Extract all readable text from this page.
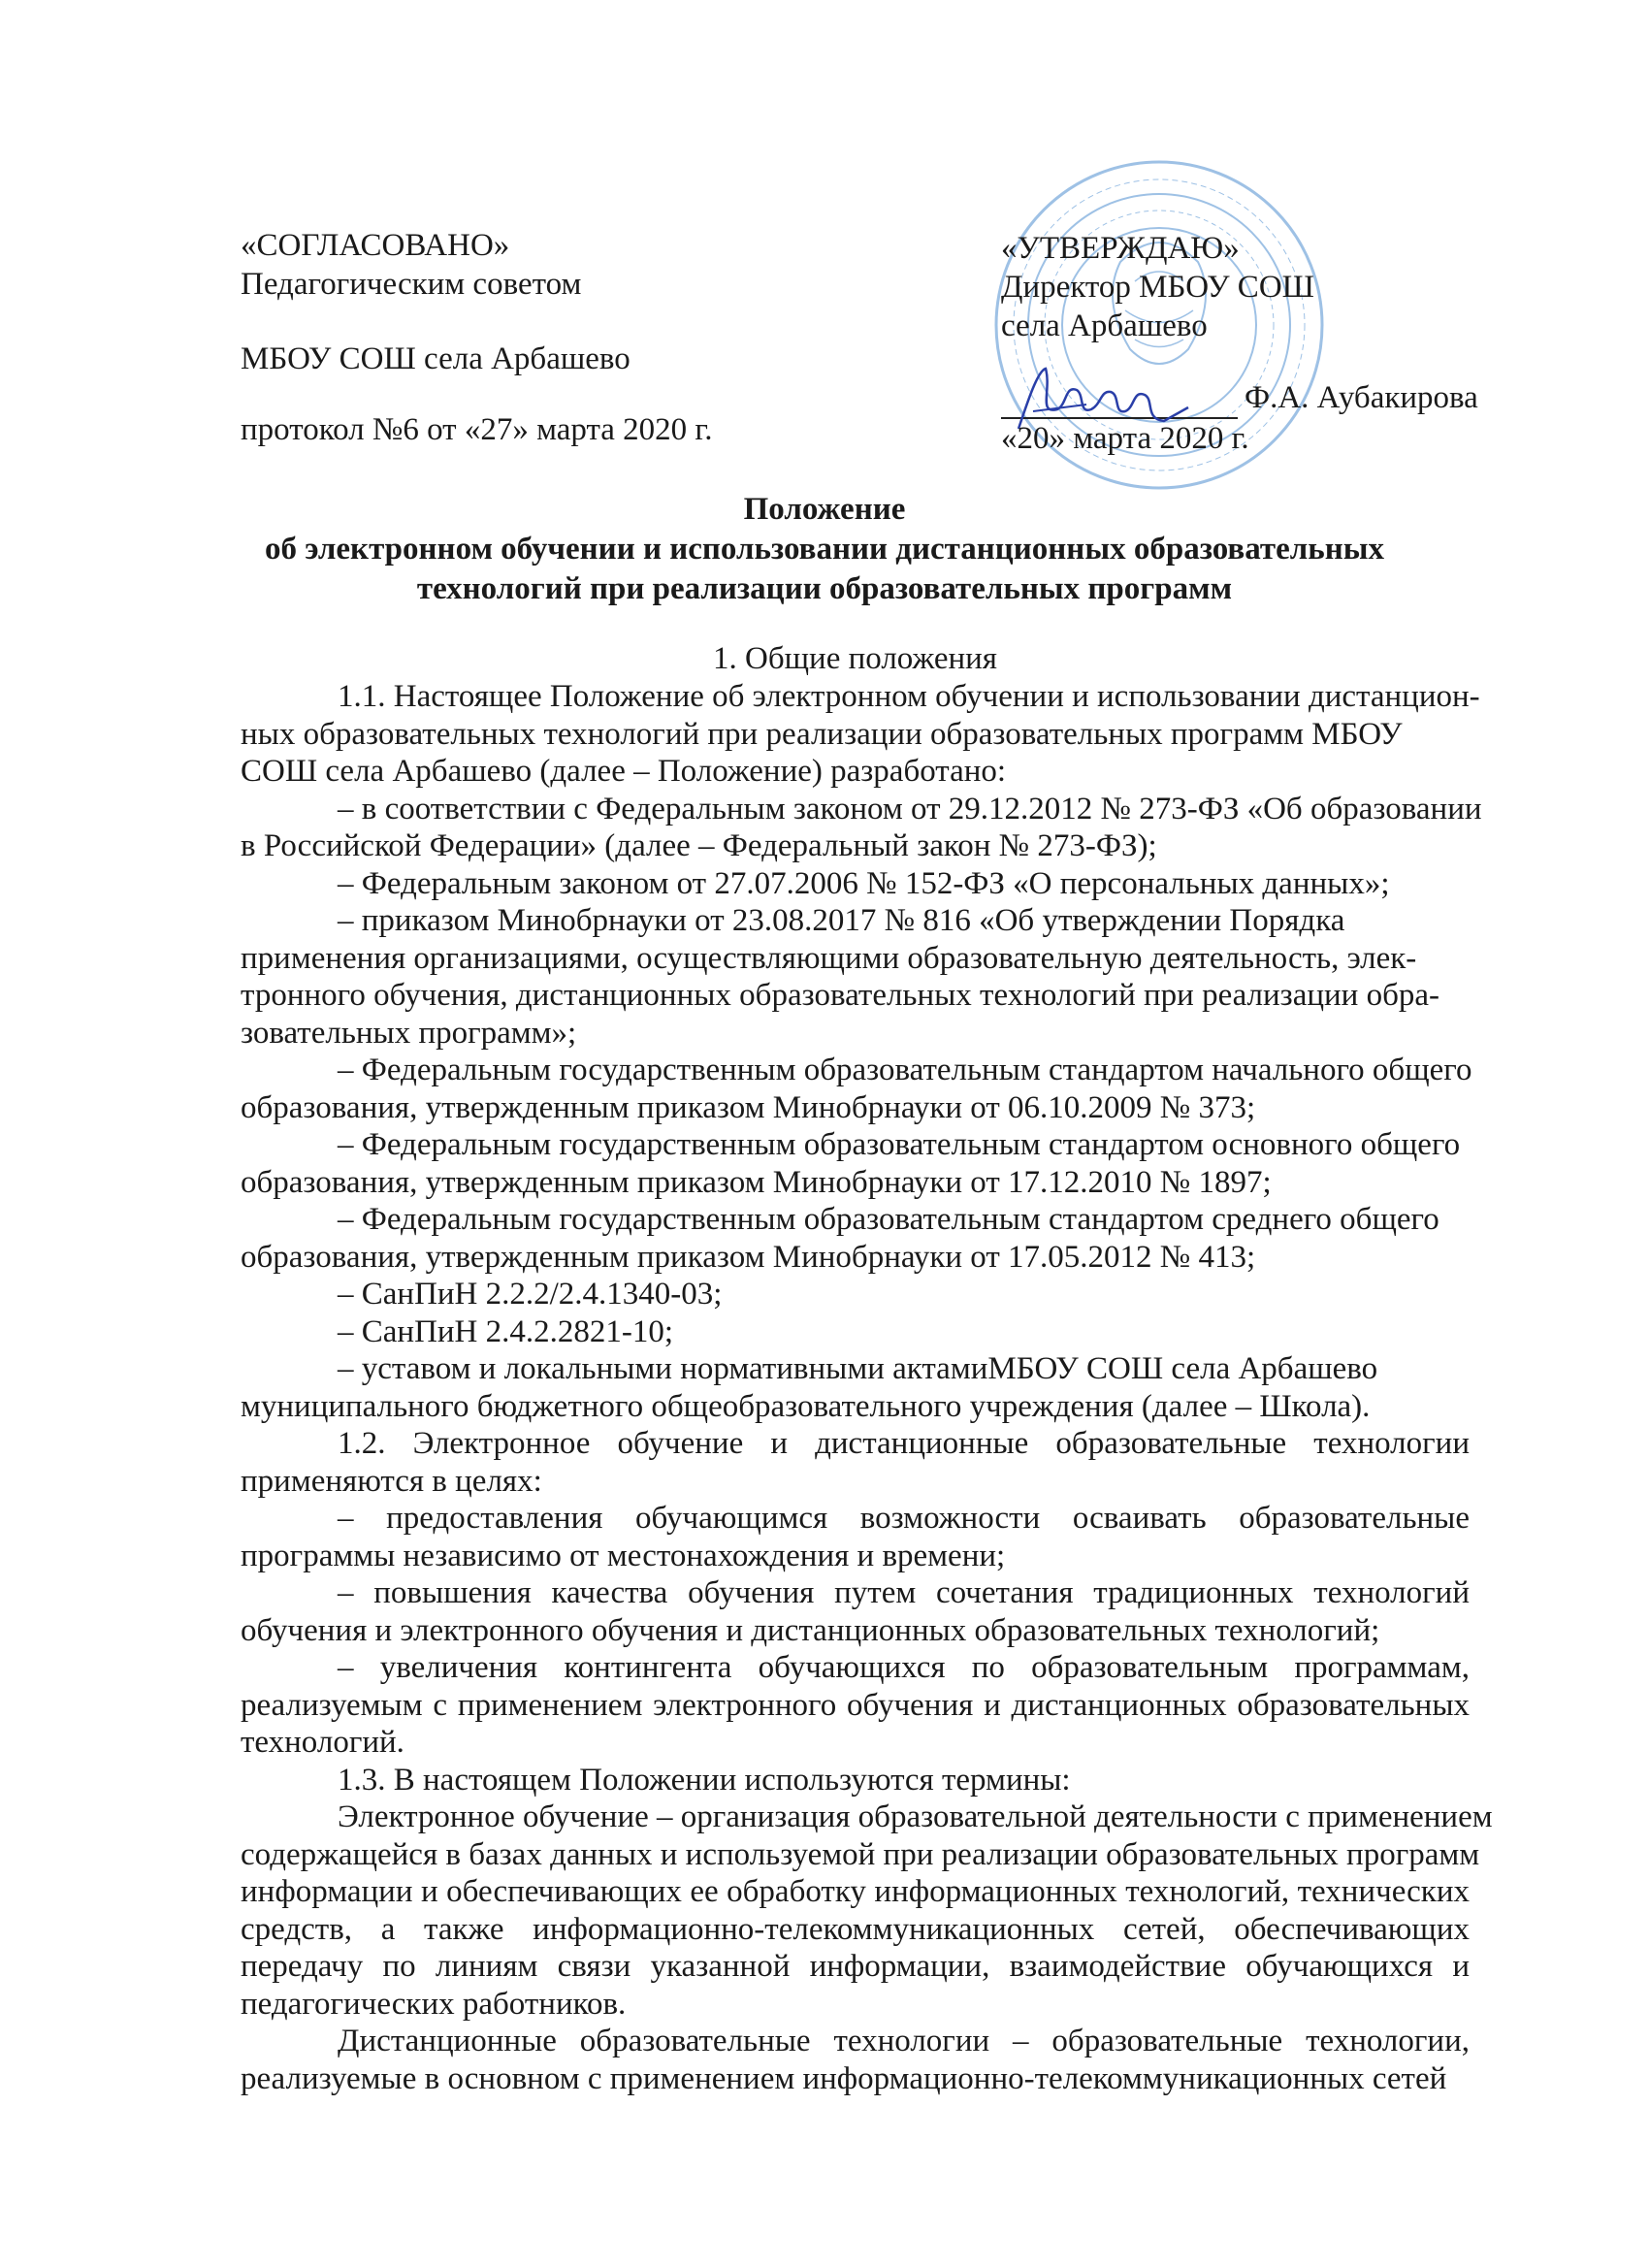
«СОГЛАСОВАНО»
Педагогическим советом
МБОУ СОШ села Арбашево
протокол №6 от «27» марта 2020 г.
«УТВЕРЖДАЮ»
Директор МБОУ СОШ
села Арбашево
Ф.А. Аубакирова
«20» марта 2020 г.
Положение
об электронном обучении и использовании дистанционных образовательных
технологий при реализации образовательных программ
1. Общие положения
1.1. Настоящее Положение об электронном обучении и использовании дистанцион-
ных образовательных технологий при реализации образовательных программ МБОУ
СОШ села Арбашево (далее – Положение) разработано:
– в соответствии с Федеральным законом от 29.12.2012 № 273-ФЗ «Об образовании
в Российской Федерации» (далее – Федеральный закон № 273-ФЗ);
– Федеральным законом от 27.07.2006 № 152-ФЗ «О персональных данных»;
– приказом Минобрнауки от 23.08.2017 № 816 «Об утверждении Порядка
применения организациями, осуществляющими образовательную деятельность, элек-
тронного обучения, дистанционных образовательных технологий при реализации обра-
зовательных программ»;
– Федеральным государственным образовательным стандартом начального общего
образования, утвержденным приказом Минобрнауки от 06.10.2009 № 373;
– Федеральным государственным образовательным стандартом основного общего
образования, утвержденным приказом Минобрнауки от 17.12.2010 № 1897;
– Федеральным государственным образовательным стандартом среднего общего
образования, утвержденным приказом Минобрнауки от 17.05.2012 № 413;
– СанПиН 2.2.2/2.4.1340-03;
– СанПиН 2.4.2.2821-10;
– уставом и локальными нормативными актамиМБОУ СОШ села Арбашево
муниципального бюджетного общеобразовательного учреждения (далее – Школа).
1.2. Электронное обучение и дистанционные образовательные технологии
применяются в целях:
– предоставления обучающимся возможности осваивать образовательные
программы независимо от местонахождения и времени;
– повышения качества обучения путем сочетания традиционных технологий
обучения и электронного обучения и дистанционных образовательных технологий;
– увеличения контингента обучающихся по образовательным программам,
реализуемым с применением электронного обучения и дистанционных образовательных
технологий.
1.3. В настоящем Положении используются термины:
Электронное обучение – организация образовательной деятельности с применением
содержащейся в базах данных и используемой при реализации образовательных программ
информации и обеспечивающих ее обработку информационных технологий, технических
средств, а также информационно-телекоммуникационных сетей, обеспечивающих
передачу по линиям связи указанной информации, взаимодействие обучающихся и
педагогических работников.
Дистанционные образовательные технологии – образовательные технологии,
реализуемые в основном с применением информационно-телекоммуникационных сетей
